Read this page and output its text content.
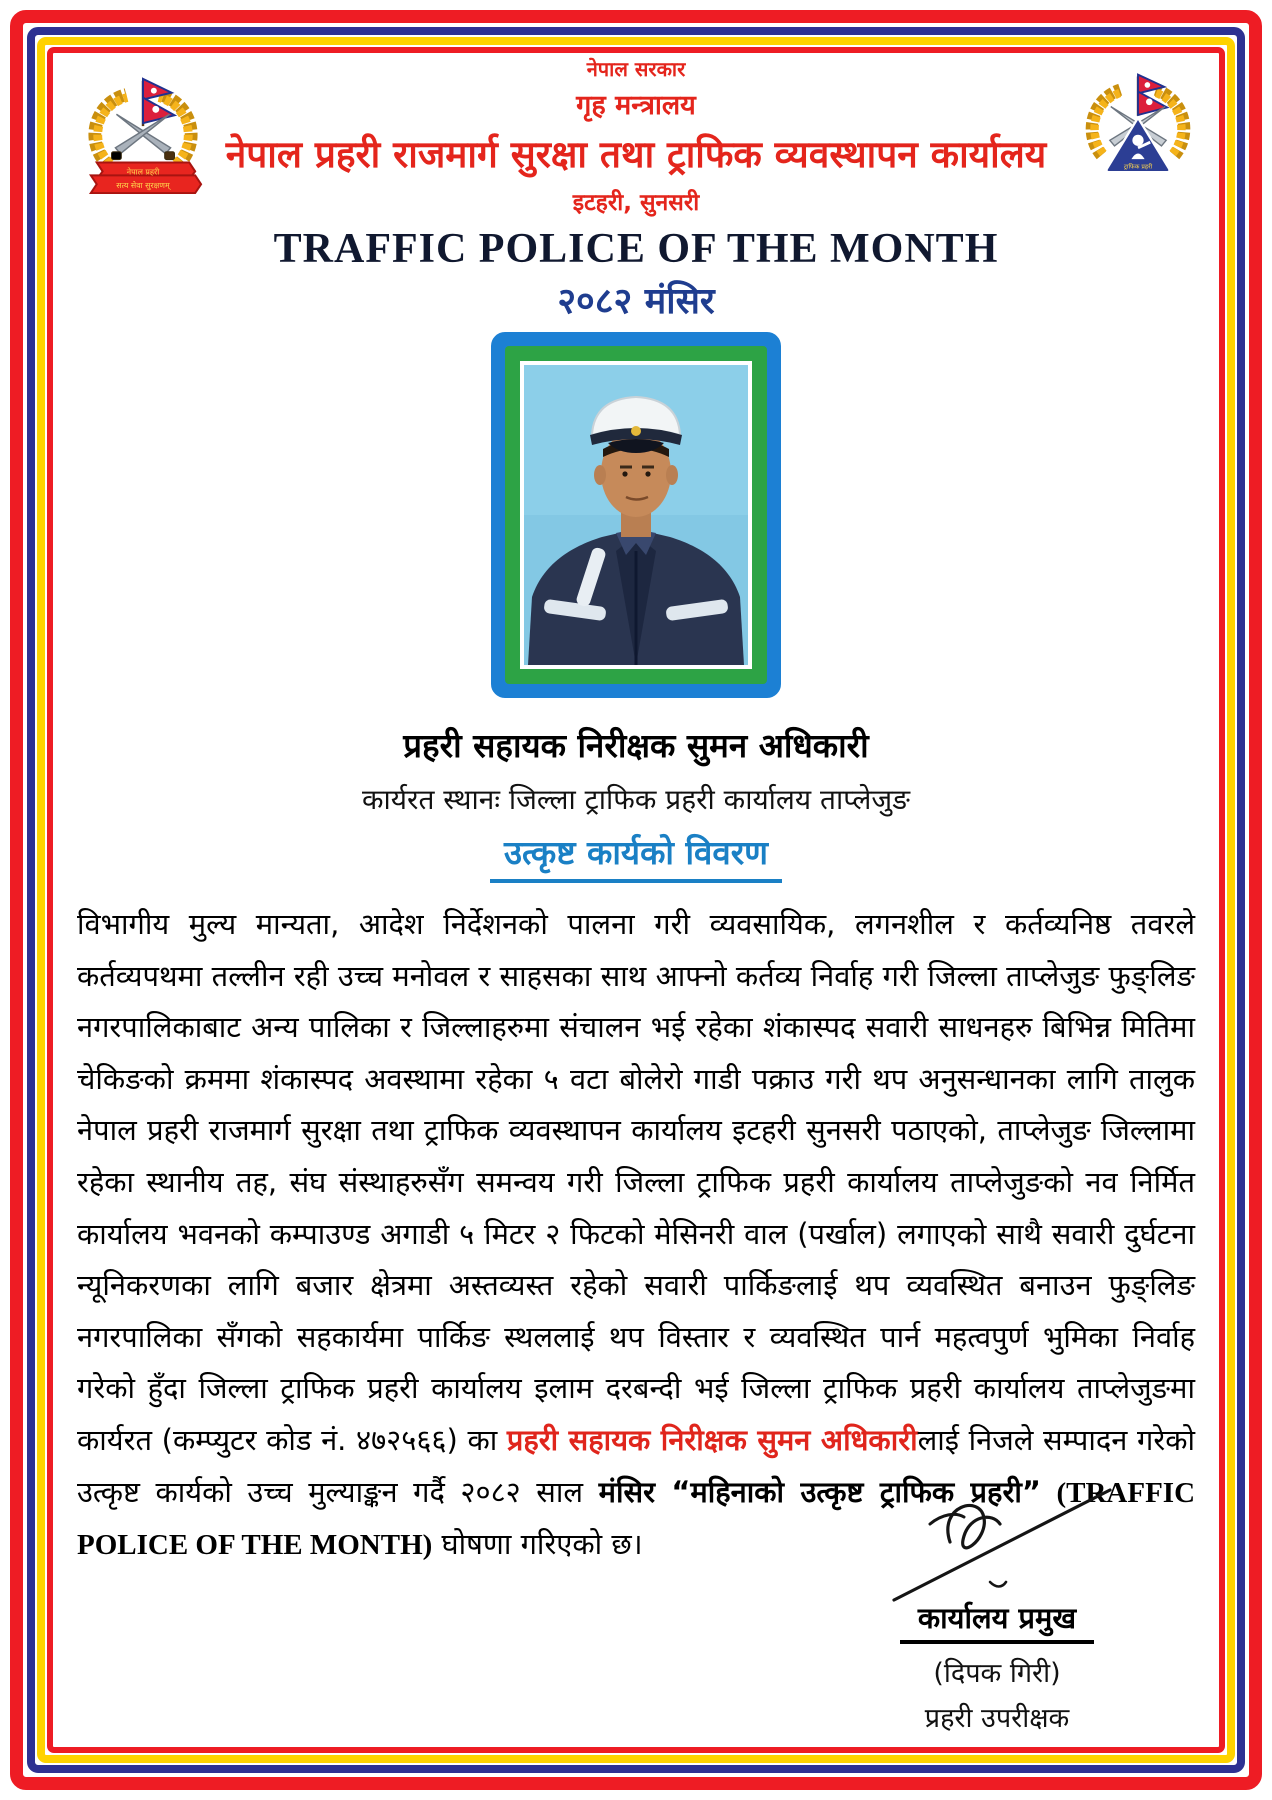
नेपाल प्रहरी
सत्य सेवा सुरक्षणम्
ट्राफिक प्रहरी
नेपाल सरकार
गृह मन्त्रालय
नेपाल प्रहरी राजमार्ग सुरक्षा तथा ट्राफिक व्यवस्थापन कार्यालय
इटहरी, सुनसरी
TRAFFIC POLICE OF THE MONTH
२०८२ मंसिर
प्रहरी सहायक निरीक्षक सुमन अधिकारी
कार्यरत स्थानः जिल्ला ट्राफिक प्रहरी कार्यालय ताप्लेजुङ
उत्कृष्ट कार्यको विवरण

विभागीय मुल्य मान्यता, आदेश निर्देशनको पालना गरी व्यवसायिक, लगनशील र कर्तव्यनिष्ठ तवरले कर्तव्यपथमा तल्लीन रही उच्च मनोवल र साहसका साथ आफ्नो कर्तव्य निर्वाह गरी जिल्ला ताप्लेजुङ फुङ्लिङ नगरपालिकाबाट अन्य पालिका र जिल्लाहरुमा संचालन भई रहेका शंकास्पद सवारी साधनहरु बिभिन्न मितिमा चेकिङको क्रममा शंकास्पद अवस्थामा रहेका ५ वटा बोलेरो गाडी पक्राउ गरी थप अनुसन्धानका लागि तालुक नेपाल प्रहरी राजमार्ग सुरक्षा तथा ट्राफिक व्यवस्थापन कार्यालय इटहरी सुनसरी पठाएको, ताप्लेजुङ जिल्लामा रहेका स्थानीय तह, संघ संस्थाहरुसँग समन्वय गरी जिल्ला ट्राफिक प्रहरी कार्यालय ताप्लेजुङको नव निर्मित कार्यालय भवनको कम्पाउण्ड अगाडी ५ मिटर २ फिटको मेसिनरी वाल (पर्खाल) लगाएको साथै सवारी दुर्घटना न्यूनिकरणका लागि बजार क्षेत्रमा अस्तव्यस्त रहेको सवारी पार्किङलाई थप व्यवस्थित बनाउन फुङ्लिङ नगरपालिका सँगको सहकार्यमा पार्किङ स्थललाई थप विस्तार र व्यवस्थित पार्न महत्वपुर्ण भुमिका निर्वाह गरेको हुँदा जिल्ला ट्राफिक प्रहरी कार्यालय इलाम दरबन्दी भई जिल्ला ट्राफिक प्रहरी कार्यालय ताप्लेजुङमा कार्यरत (कम्प्युटर कोड नं. ४७२५६६) का प्रहरी सहायक निरीक्षक सुमन अधिकारीलाई निजले सम्पादन गरेको उत्कृष्ट कार्यको उच्च मुल्याङ्कन गर्दै २०८२ साल मंसिर “महिनाको उत्कृष्ट ट्राफिक प्रहरी” (TRAFFIC POLICE OF THE MONTH) घोषणा गरिएको छ।

कार्यालय प्रमुख
(दिपक गिरी)
प्रहरी उपरीक्षक
